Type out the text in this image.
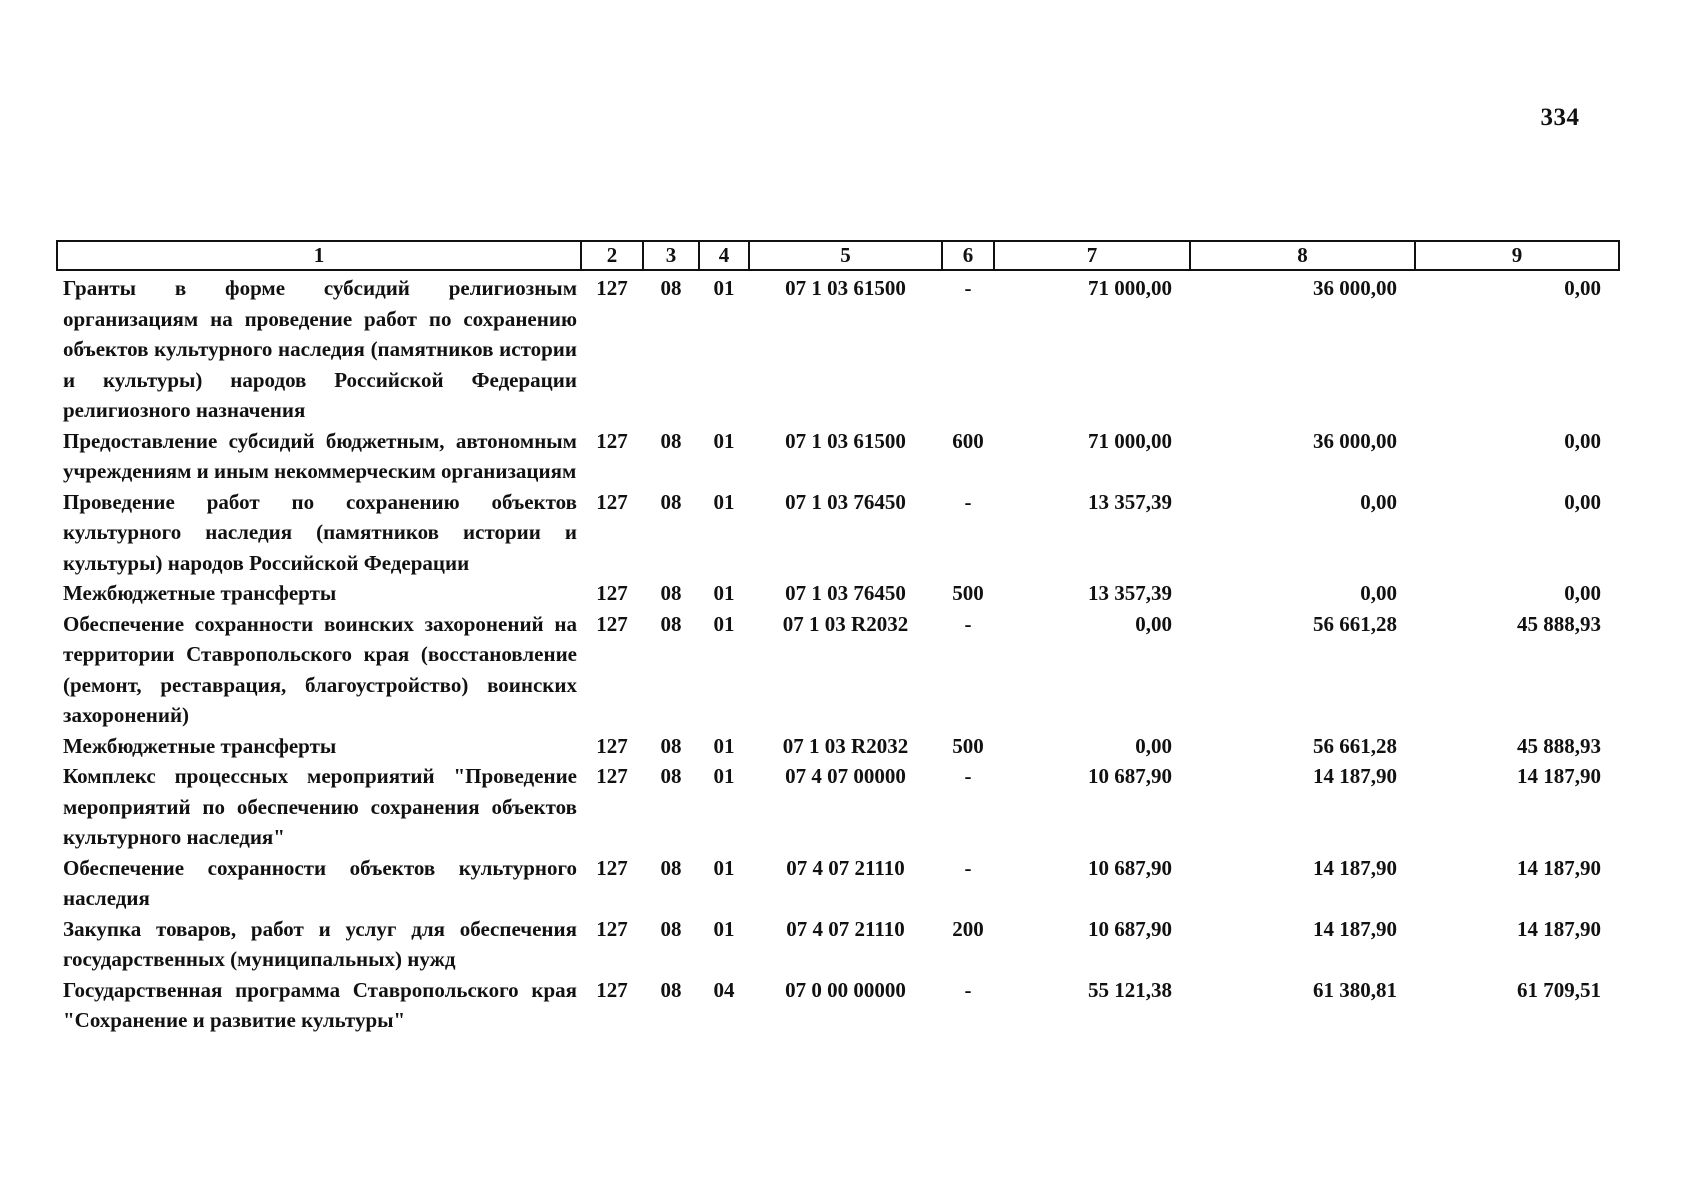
334
1	2	3	4	5	6	7	8	9
Гранты в форме субсидий религиозным организациям на проведение работ по сохранению объектов культурного наследия (памятников истории и культуры) народов Российской Федерации религиозного назначения	127	08	01	07 1 03 61500	-	71 000,00	36 000,00	0,00
Предоставление субсидий бюджетным, автономным учреждениям и иным некоммерческим организациям	127	08	01	07 1 03 61500	600	71 000,00	36 000,00	0,00
Проведение работ по сохранению объектов культурного наследия (памятников истории и культуры) народов Российской Федерации	127	08	01	07 1 03 76450	-	13 357,39	0,00	0,00
Межбюджетные трансферты	127	08	01	07 1 03 76450	500	13 357,39	0,00	0,00
Обеспечение сохранности воинских захоронений на территории Ставропольского края (восстановление (ремонт, реставрация, благоустройство) воинских захоронений)	127	08	01	07 1 03 R2032	-	0,00	56 661,28	45 888,93
Межбюджетные трансферты	127	08	01	07 1 03 R2032	500	0,00	56 661,28	45 888,93
Комплекс процессных мероприятий "Проведение мероприятий по обеспечению сохранения объектов культурного наследия"	127	08	01	07 4 07 00000	-	10 687,90	14 187,90	14 187,90
Обеспечение сохранности объектов культурного наследия	127	08	01	07 4 07 21110	-	10 687,90	14 187,90	14 187,90
Закупка товаров, работ и услуг для обеспечения государственных (муниципальных) нужд	127	08	01	07 4 07 21110	200	10 687,90	14 187,90	14 187,90
Государственная программа Ставропольского края "Сохранение и развитие культуры"	127	08	04	07 0 00 00000	-	55 121,38	61 380,81	61 709,51
